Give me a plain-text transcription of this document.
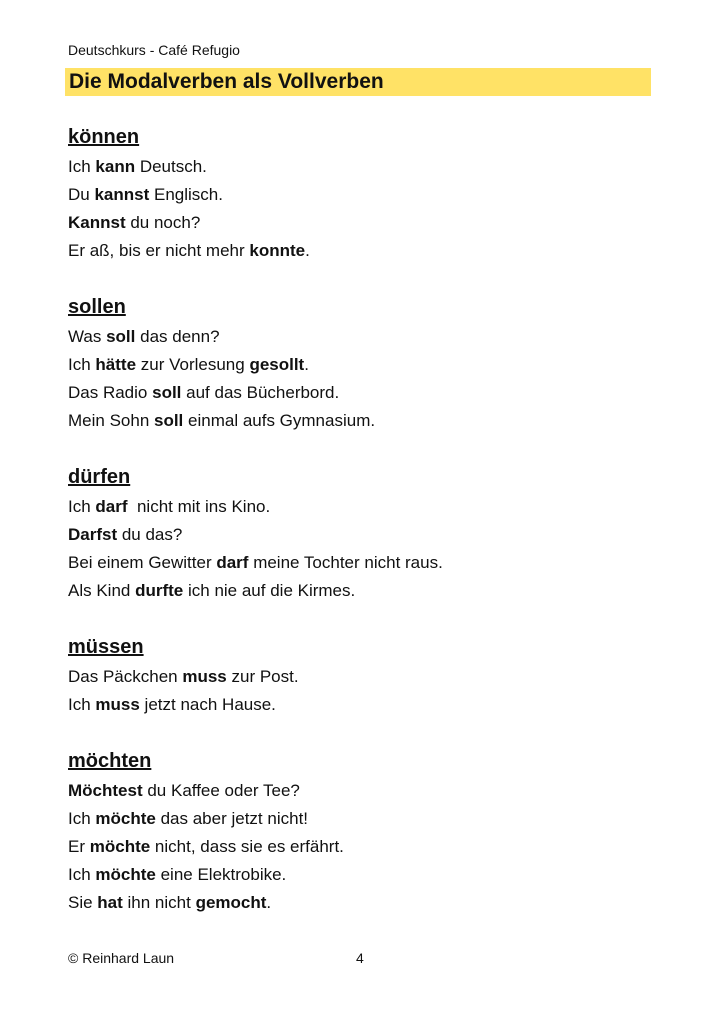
Deutschkurs - Café Refugio
Die Modalverben als Vollverben
können
Ich kann Deutsch.
Du kannst Englisch.
Kannst du noch?
Er aß, bis er nicht mehr konnte.
sollen
Was soll das denn?
Ich hätte zur Vorlesung gesollt.
Das Radio soll auf das Bücherbord.
Mein Sohn soll einmal aufs Gymnasium.
dürfen
Ich darf  nicht mit ins Kino.
Darfst du das?
Bei einem Gewitter darf meine Tochter nicht raus.
Als Kind durfte ich nie auf die Kirmes.
müssen
Das Päckchen muss zur Post.
Ich muss jetzt nach Hause.
möchten
Möchtest du Kaffee oder Tee?
Ich möchte das aber jetzt nicht!
Er möchte nicht, dass sie es erfährt.
Ich möchte eine Elektrobike.
Sie hat ihn nicht gemocht.
© Reinhard Laun	4
